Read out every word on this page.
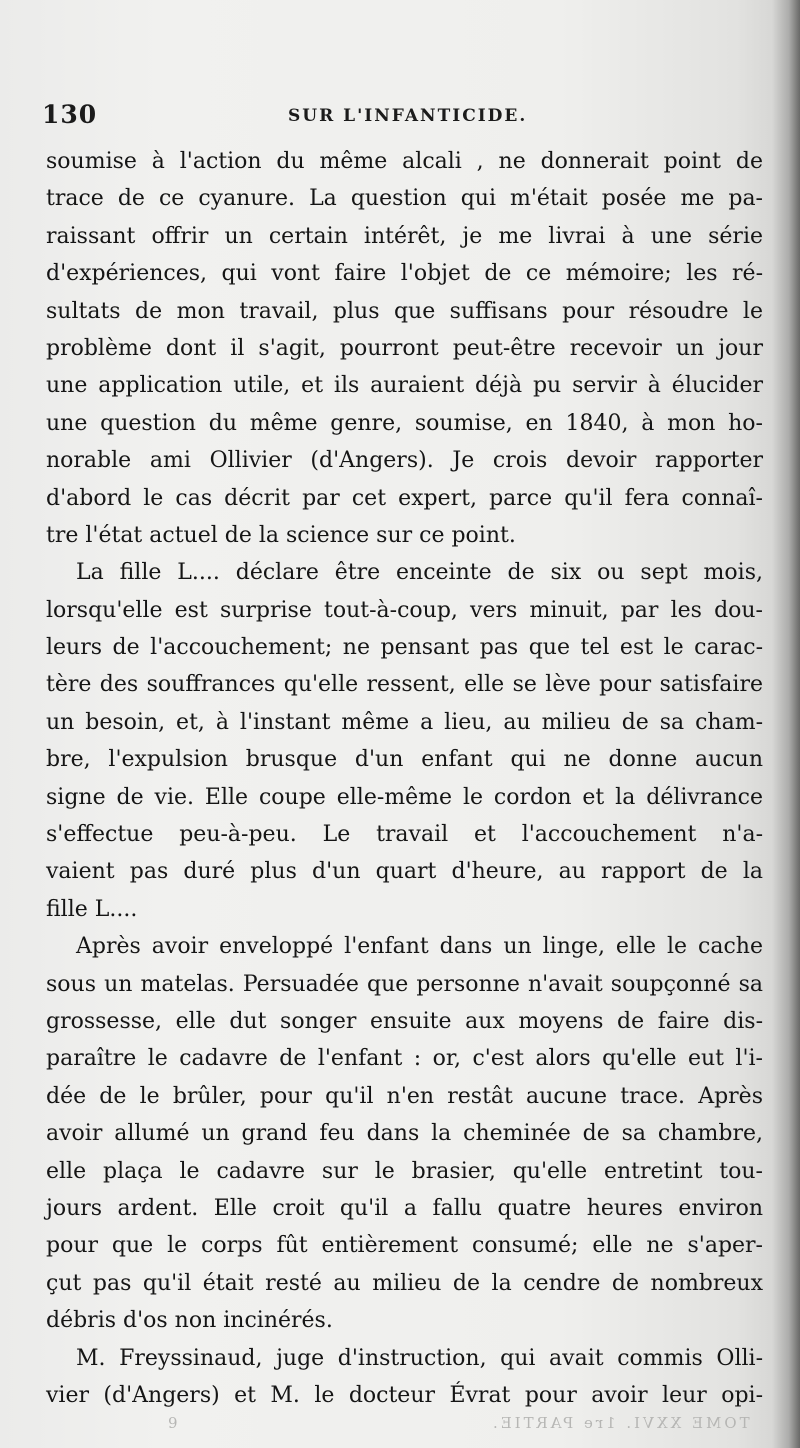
130	SUR L'INFANTICIDE.
soumise à l'action du même alcali , ne donnerait point de
trace de ce cyanure. La question qui m'était posée me pa-
raissant offrir un certain intérêt, je me livrai à une série
d'expériences, qui vont faire l'objet de ce mémoire; les ré-
sultats de mon travail, plus que suffisans pour résoudre le
problème dont il s'agit, pourront peut-être recevoir un jour
une application utile, et ils auraient déjà pu servir à élucider
une question du même genre, soumise, en 1840, à mon ho-
norable ami Ollivier (d'Angers). Je crois devoir rapporter
d'abord le cas décrit par cet expert, parce qu'il fera connaî-
tre l'état actuel de la science sur ce point.
La fille L.... déclare être enceinte de six ou sept mois,
lorsqu'elle est surprise tout-à-coup, vers minuit, par les dou-
leurs de l'accouchement; ne pensant pas que tel est le carac-
tère des souffrances qu'elle ressent, elle se lève pour satisfaire
un besoin, et, à l'instant même a lieu, au milieu de sa cham-
bre, l'expulsion brusque d'un enfant qui ne donne aucun
signe de vie. Elle coupe elle-même le cordon et la délivrance
s'effectue peu-à-peu. Le travail et l'accouchement n'a-
vaient pas duré plus d'un quart d'heure, au rapport de la
fille L....
Après avoir enveloppé l'enfant dans un linge, elle le cache
sous un matelas. Persuadée que personne n'avait soupçonné sa
grossesse, elle dut songer ensuite aux moyens de faire dis-
paraître le cadavre de l'enfant : or, c'est alors qu'elle eut l'i-
dée de le brûler, pour qu'il n'en restât aucune trace. Après
avoir allumé un grand feu dans la cheminée de sa chambre,
elle plaça le cadavre sur le brasier, qu'elle entretint tou-
jours ardent. Elle croit qu'il a fallu quatre heures environ
pour que le corps fût entièrement consumé; elle ne s'aper-
çut pas qu'il était resté au milieu de la cendre de nombreux
débris d'os non incinérés.
M. Freyssinaud, juge d'instruction, qui avait commis Olli-
vier (d'Angers) et M. le docteur Évrat pour avoir leur opi-
9	TOME XXVI. 1re PARTIE.
